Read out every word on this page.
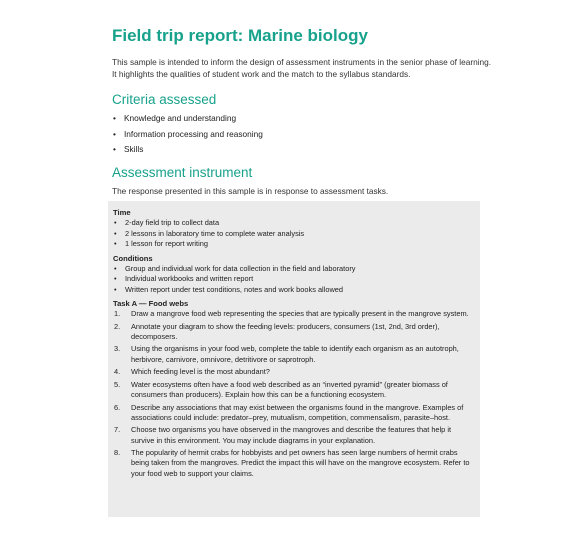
Field trip report: Marine biology
This sample is intended to inform the design of assessment instruments in the senior phase of learning. It highlights the qualities of student work and the match to the syllabus standards.
Criteria assessed
• Knowledge and understanding
• Information processing and reasoning
• Skills
Assessment instrument
The response presented in this sample is in response to assessment tasks.
Time
• 2-day field trip to collect data
• 2 lessons in laboratory time to complete water analysis
• 1 lesson for report writing
Conditions
• Group and individual work for data collection in the field and laboratory
• Individual workbooks and written report
• Written report under test conditions, notes and work books allowed
Task A — Food webs
1. Draw a mangrove food web representing the species that are typically present in the mangrove system.
2. Annotate your diagram to show the feeding levels: producers, consumers (1st, 2nd, 3rd order), decomposers.
3. Using the organisms in your food web, complete the table to identify each organism as an autotroph, herbivore, carnivore, omnivore, detritivore or saprotroph.
4. Which feeding level is the most abundant?
5. Water ecosystems often have a food web described as an “inverted pyramid” (greater biomass of consumers than producers). Explain how this can be a functioning ecosystem.
6. Describe any associations that may exist between the organisms found in the mangrove. Examples of associations could include: predator–prey, mutualism, competition, commensalism, parasite–host.
7. Choose two organisms you have observed in the mangroves and describe the features that help it survive in this environment. You may include diagrams in your explanation.
8. The popularity of hermit crabs for hobbyists and pet owners has seen large numbers of hermit crabs being taken from the mangroves. Predict the impact this will have on the mangrove ecosystem. Refer to your food web to support your claims.
